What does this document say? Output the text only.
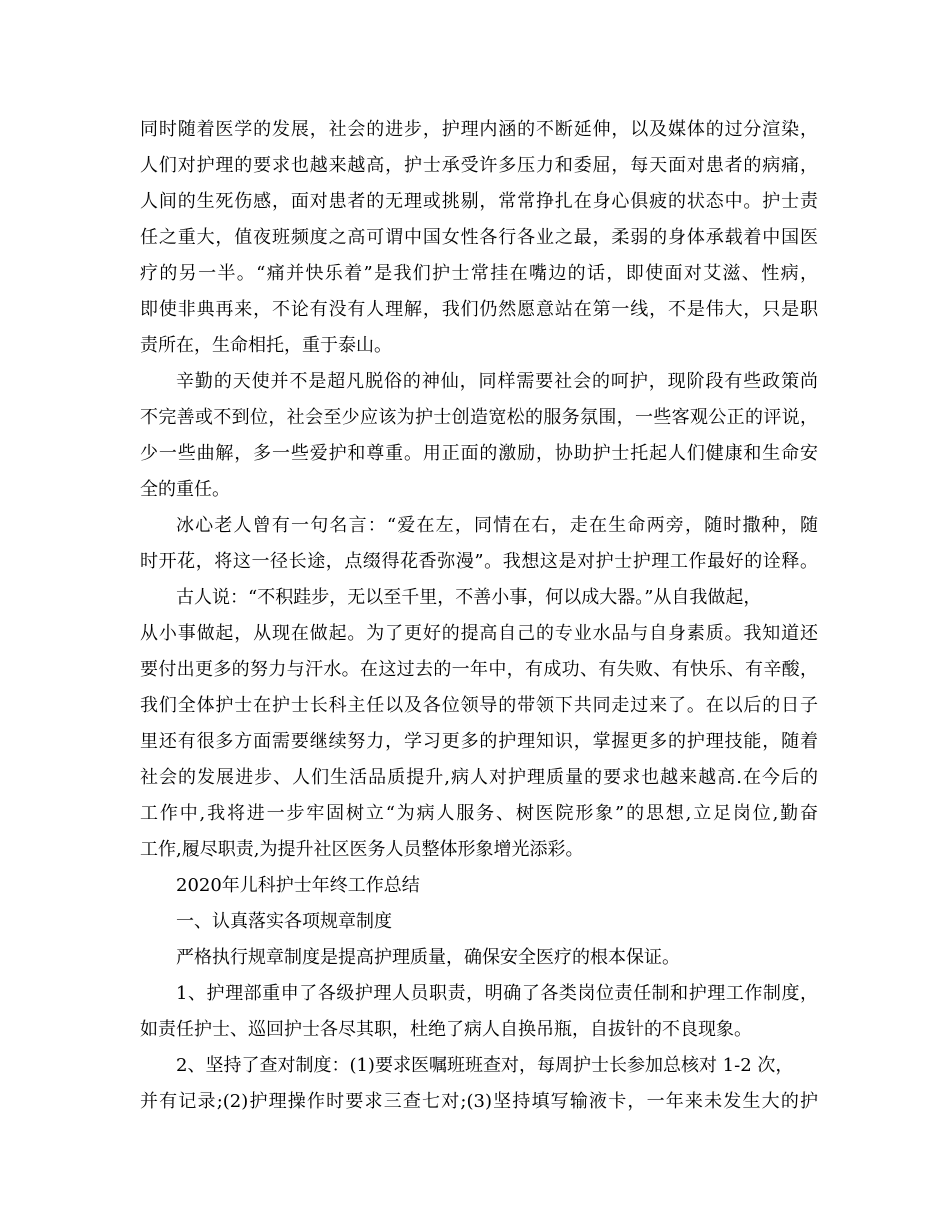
同时随着医学的发展，社会的进步，护理内涵的不断延伸，以及媒体的过分渲染，
人们对护理的要求也越来越高，护士承受许多压力和委屈，每天面对患者的病痛，
人间的生死伤感，面对患者的无理或挑剔，常常挣扎在身心俱疲的状态中。护士责
任之重大，值夜班频度之高可谓中国女性各行各业之最，柔弱的身体承载着中国医
疗的另一半。“痛并快乐着”是我们护士常挂在嘴边的话，即使面对艾滋、性病，
即使非典再来，不论有没有人理解，我们仍然愿意站在第一线，不是伟大，只是职
责所在，生命相托，重于泰山。
辛勤的天使并不是超凡脱俗的神仙，同样需要社会的呵护，现阶段有些政策尚
不完善或不到位，社会至少应该为护士创造宽松的服务氛围，一些客观公正的评说，
少一些曲解，多一些爱护和尊重。用正面的激励，协助护士托起人们健康和生命安
全的重任。
冰心老人曾有一句名言：“爱在左，同情在右，走在生命两旁，随时撒种，随
时开花，将这一径长途，点缀得花香弥漫”。我想这是对护士护理工作最好的诠释。
古人说：“不积跬步，无以至千里，不善小事，何以成大器。”从自我做起，
从小事做起，从现在做起。为了更好的提高自己的专业水品与自身素质。我知道还
要付出更多的努力与汗水。在这过去的一年中，有成功、有失败、有快乐、有辛酸，
我们全体护士在护士长科主任以及各位领导的带领下共同走过来了。在以后的日子
里还有很多方面需要继续努力，学习更多的护理知识，掌握更多的护理技能，随着
社会的发展进步、人们生活品质提升,病人对护理质量的要求也越来越高.在今后的
工作中,我将进一步牢固树立“为病人服务、树医院形象”的思想,立足岗位,勤奋
工作,履尽职责,为提升社区医务人员整体形象增光添彩。
2020年儿科护士年终工作总结
一、认真落实各项规章制度
严格执行规章制度是提高护理质量，确保安全医疗的根本保证。
1、护理部重申了各级护理人员职责，明确了各类岗位责任制和护理工作制度，
如责任护士、巡回护士各尽其职，杜绝了病人自换吊瓶，自拔针的不良现象。
2、坚持了查对制度：(1)要求医嘱班班查对，每周护士长参加总核对 1-2 次，
并有记录;(2)护理操作时要求三查七对;(3)坚持填写输液卡，一年来未发生大的护
